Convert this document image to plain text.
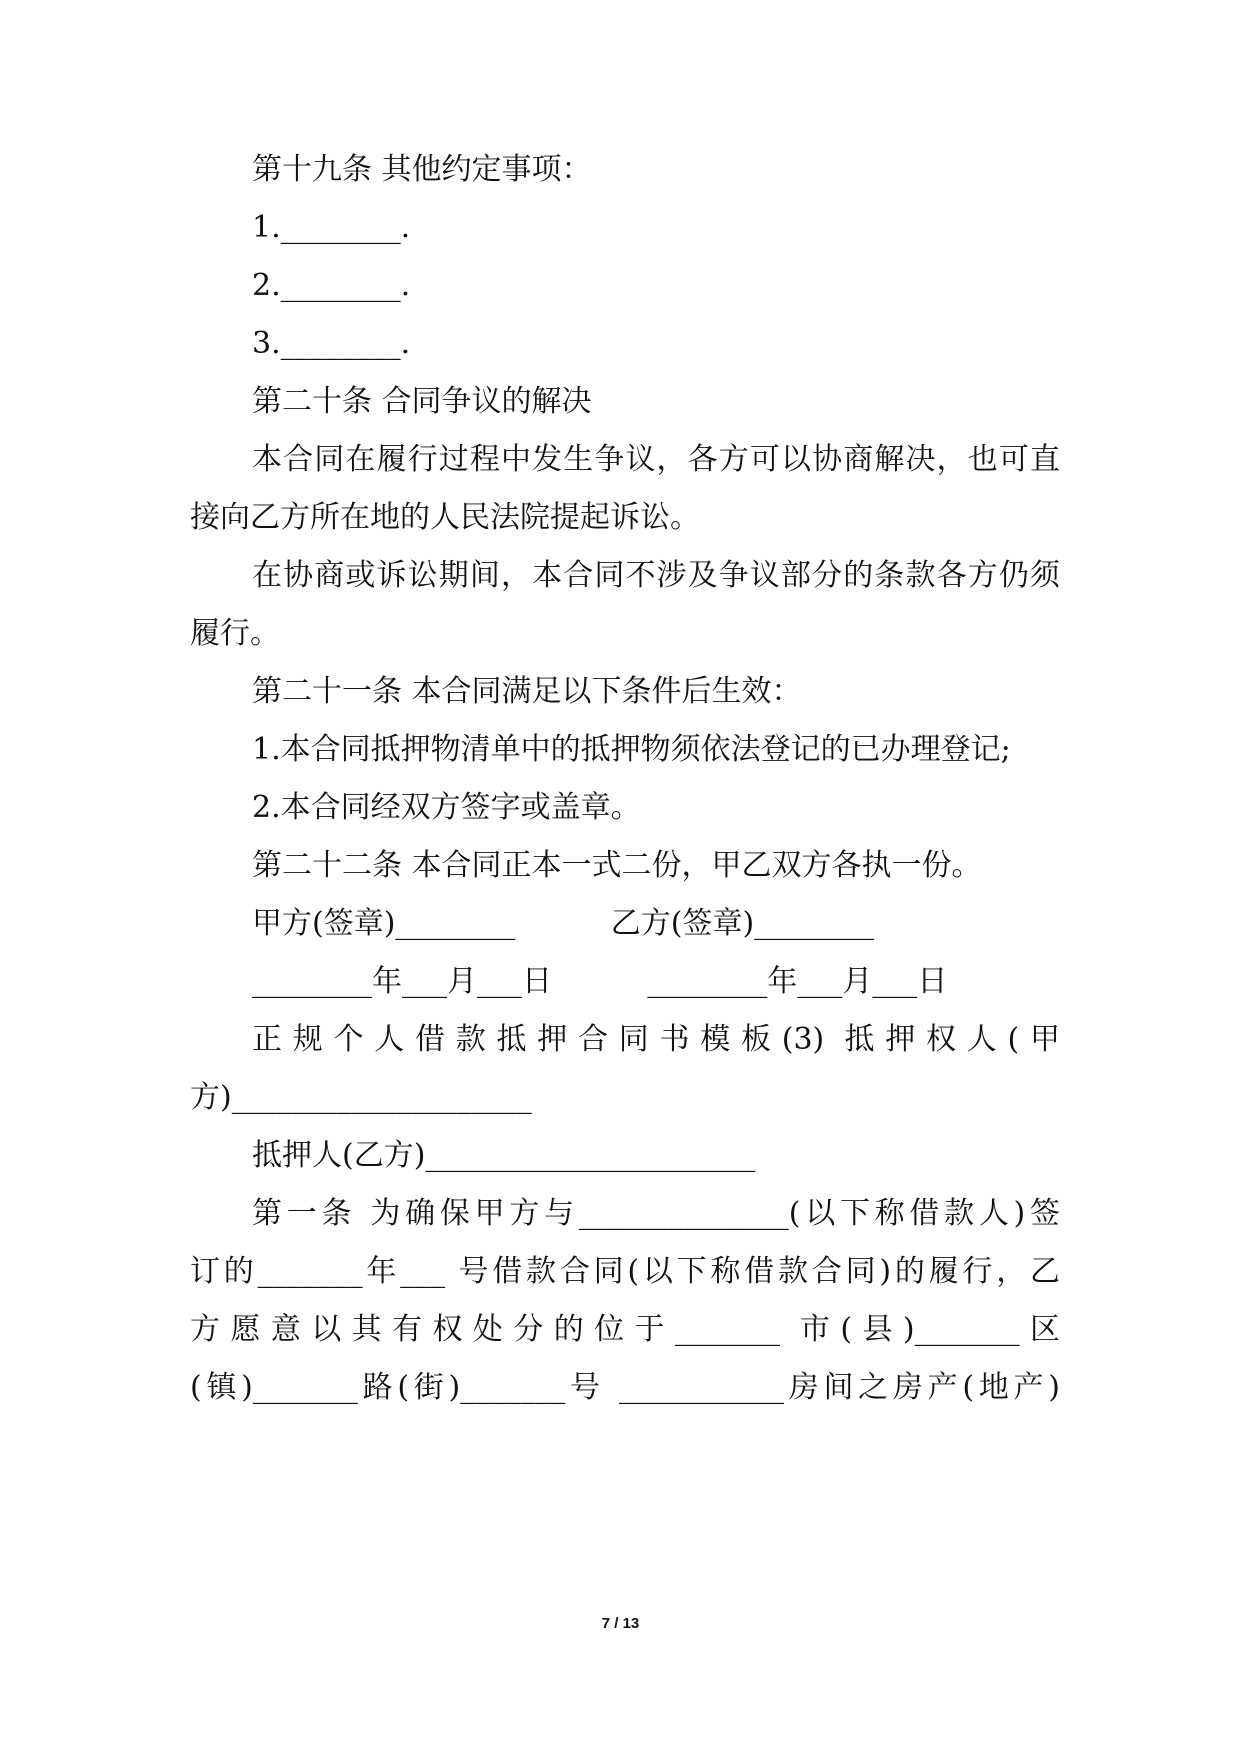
第十九条 其他约定事项：
1.________.
2.________.
3.________.
第二十条 合同争议的解决
本合同在履行过程中发生争议，各方可以协商解决，也可直
接向乙方所在地的人民法院提起诉讼。
在协商或诉讼期间，本合同不涉及争议部分的条款各方仍须
履行。
第二十一条 本合同满足以下条件后生效：
1.本合同抵押物清单中的抵押物须依法登记的已办理登记;
2.本合同经双方签字或盖章。
第二十二条 本合同正本一式二份，甲乙双方各执一份。
甲方(签章)________          乙方(签章)________
________年___月___日          ________年___月___日
正规个人借款抵押合同书模板(3) 抵押权人(甲
方)____________________
抵押人(乙方)______________________
第一条 为确保甲方与______________(以下称借款人)签
订的_______年___ 号借款合同(以下称借款合同)的履行，乙
方愿意以其有权处分的位于_______ 市(县)_______区
(镇)_______路(街)_______号 ___________房间之房产(地产)
7 / 13
